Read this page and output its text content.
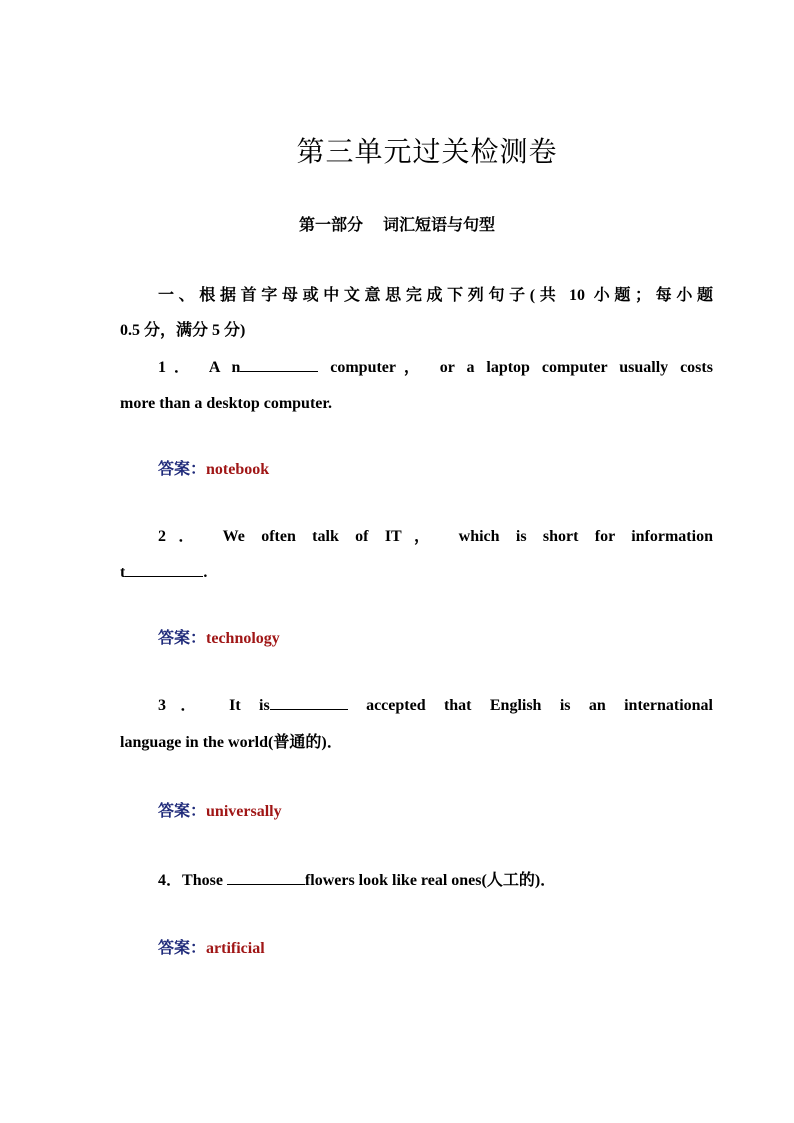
第三单元过关检测卷
第一部分 词汇短语与句型
一、根据首字母或中文意思完成下列句子(共 10 小题；每小题
0.5 分，满分 5 分)
1． A n	computer， or a laptop computer usually costs
more than a desktop computer.
答案：notebook
2． We often talk of IT， which is short for information
t	.
答案：technology
3． It is	accepted that English is an international
language in the world(普通的)．
答案：universally
4．Those	flowers look like real ones(人工的)．
答案：artificial
